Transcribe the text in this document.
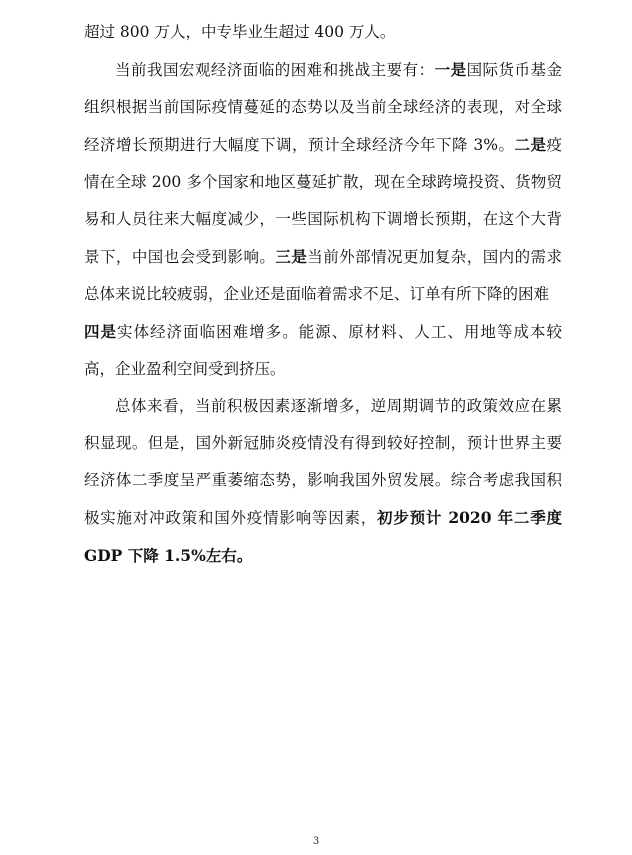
超过 800 万人，中专毕业生超过 400 万人。

当前我国宏观经济面临的困难和挑战主要有：一是国际货币基金组织根据当前国际疫情蔓延的态势以及当前全球经济的表现，对全球经济增长预期进行大幅度下调，预计全球经济今年下降 3%。二是疫情在全球 200 多个国家和地区蔓延扩散，现在全球跨境投资、货物贸易和人员往来大幅度减少，一些国际机构下调增长预期，在这个大背景下，中国也会受到影响。三是当前外部情况更加复杂，国内的需求总体来说比较疲弱，企业还是面临着需求不足、订单有所下降的困难
四是实体经济面临困难增多。能源、原材料、人工、用地等成本较高，企业盈利空间受到挤压。

总体来看，当前积极因素逐渐增多，逆周期调节的政策效应在累积显现。但是，国外新冠肺炎疫情没有得到较好控制，预计世界主要经济体二季度呈严重萎缩态势，影响我国外贸发展。综合考虑我国积极实施对冲政策和国外疫情影响等因素，初步预计 2020 年二季度 GDP 下降 1.5%左右。

3
